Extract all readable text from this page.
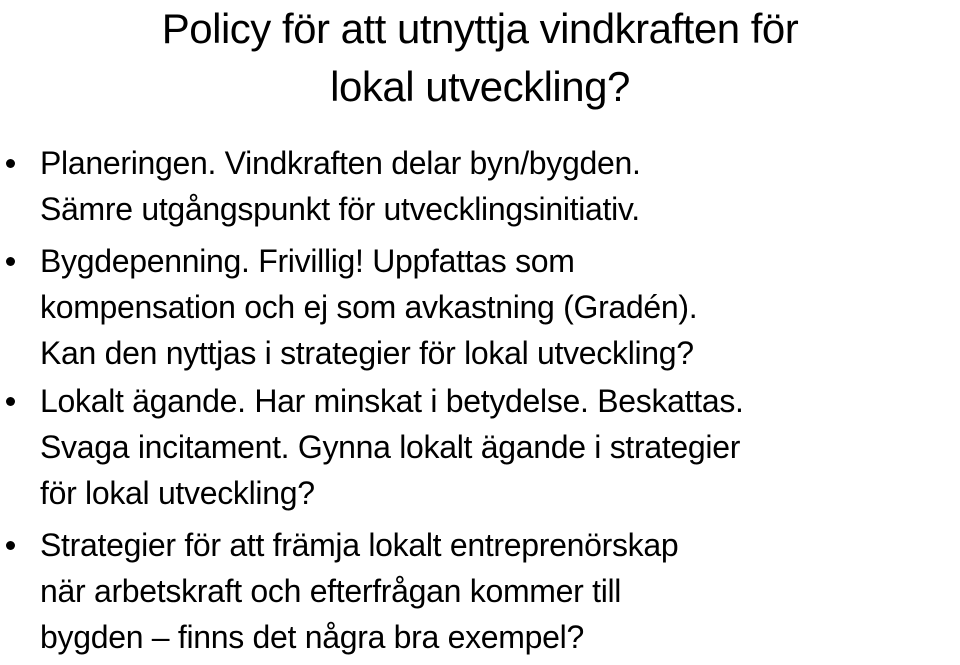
Policy för att utnyttja vindkraften för
lokal utveckling?
Planeringen. Vindkraften delar byn/bygden.
Sämre utgångspunkt för utvecklingsinitiativ.
Bygdepenning. Frivillig! Uppfattas som
kompensation och ej som avkastning (Gradén).
Kan den nyttjas i strategier för lokal utveckling?
Lokalt ägande. Har minskat i betydelse. Beskattas.
Svaga incitament. Gynna lokalt ägande i strategier
för lokal utveckling?
Strategier för att främja lokalt entreprenörskap
när arbetskraft och efterfrågan kommer till
bygden – finns det några bra exempel?
